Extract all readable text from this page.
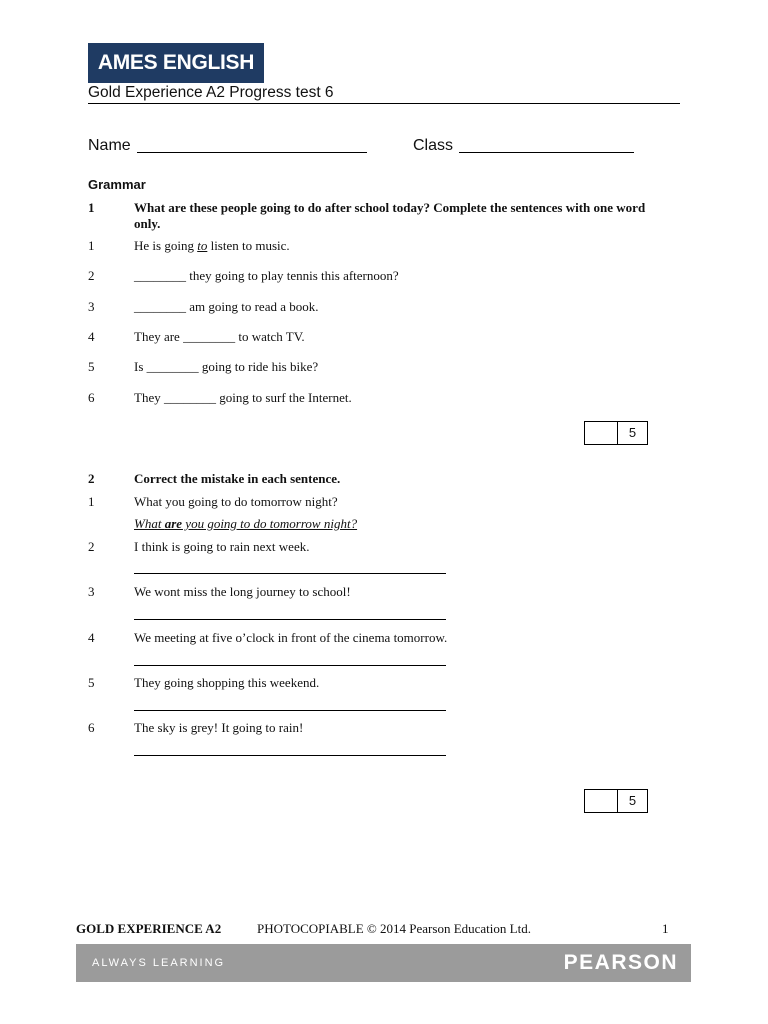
AMES ENGLISH
Gold Experience A2 Progress test 6
Name	Class
Grammar
1	What are these people going to do after school today? Complete the sentences with one word only.
1	He is going to listen to music.
2	________ they going to play tennis this afternoon?
3	________ am going to read a book.
4	They are ________ to watch TV.
5	Is ________ going to ride his bike?
6	They ________ going to surf the Internet.
5
2	Correct the mistake in each sentence.
1	What you going to do tomorrow night?
What are you going to do tomorrow night?
2	I think is going to rain next week.
3	We wont miss the long journey to school!
4	We meeting at five o’clock in front of the cinema tomorrow.
5	They going shopping this weekend.
6	The sky is grey! It going to rain!
5
GOLD EXPERIENCE A2	PHOTOCOPIABLE © 2014 Pearson Education Ltd.	1
ALWAYS LEARNING	PEARSON
